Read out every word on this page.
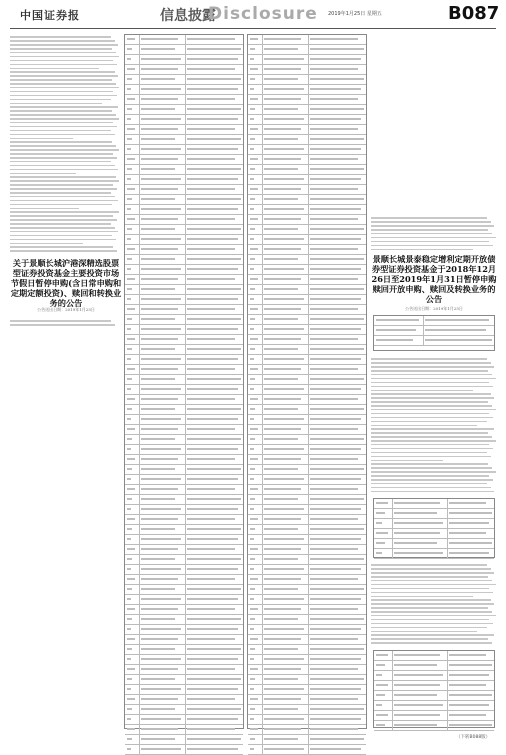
中国证券报	信息披露
Disclosure 2019年1月25日 星期五	B087
关于景顺长城沪港深精选股票型证券投资基金主要投资市场节假日暂停申购(含日常申购和定期定额投资)、赎回和转换业务的公告
公告送出日期：2019年1月25日
景顺长城景泰稳定增利定期开放债券型证券投资基金于2018年12月26日至2019年1月31日暂停申购赎回开放申购、赎回及转换业务的公告
公告送出日期：2019年1月25日
（下转B088版）
